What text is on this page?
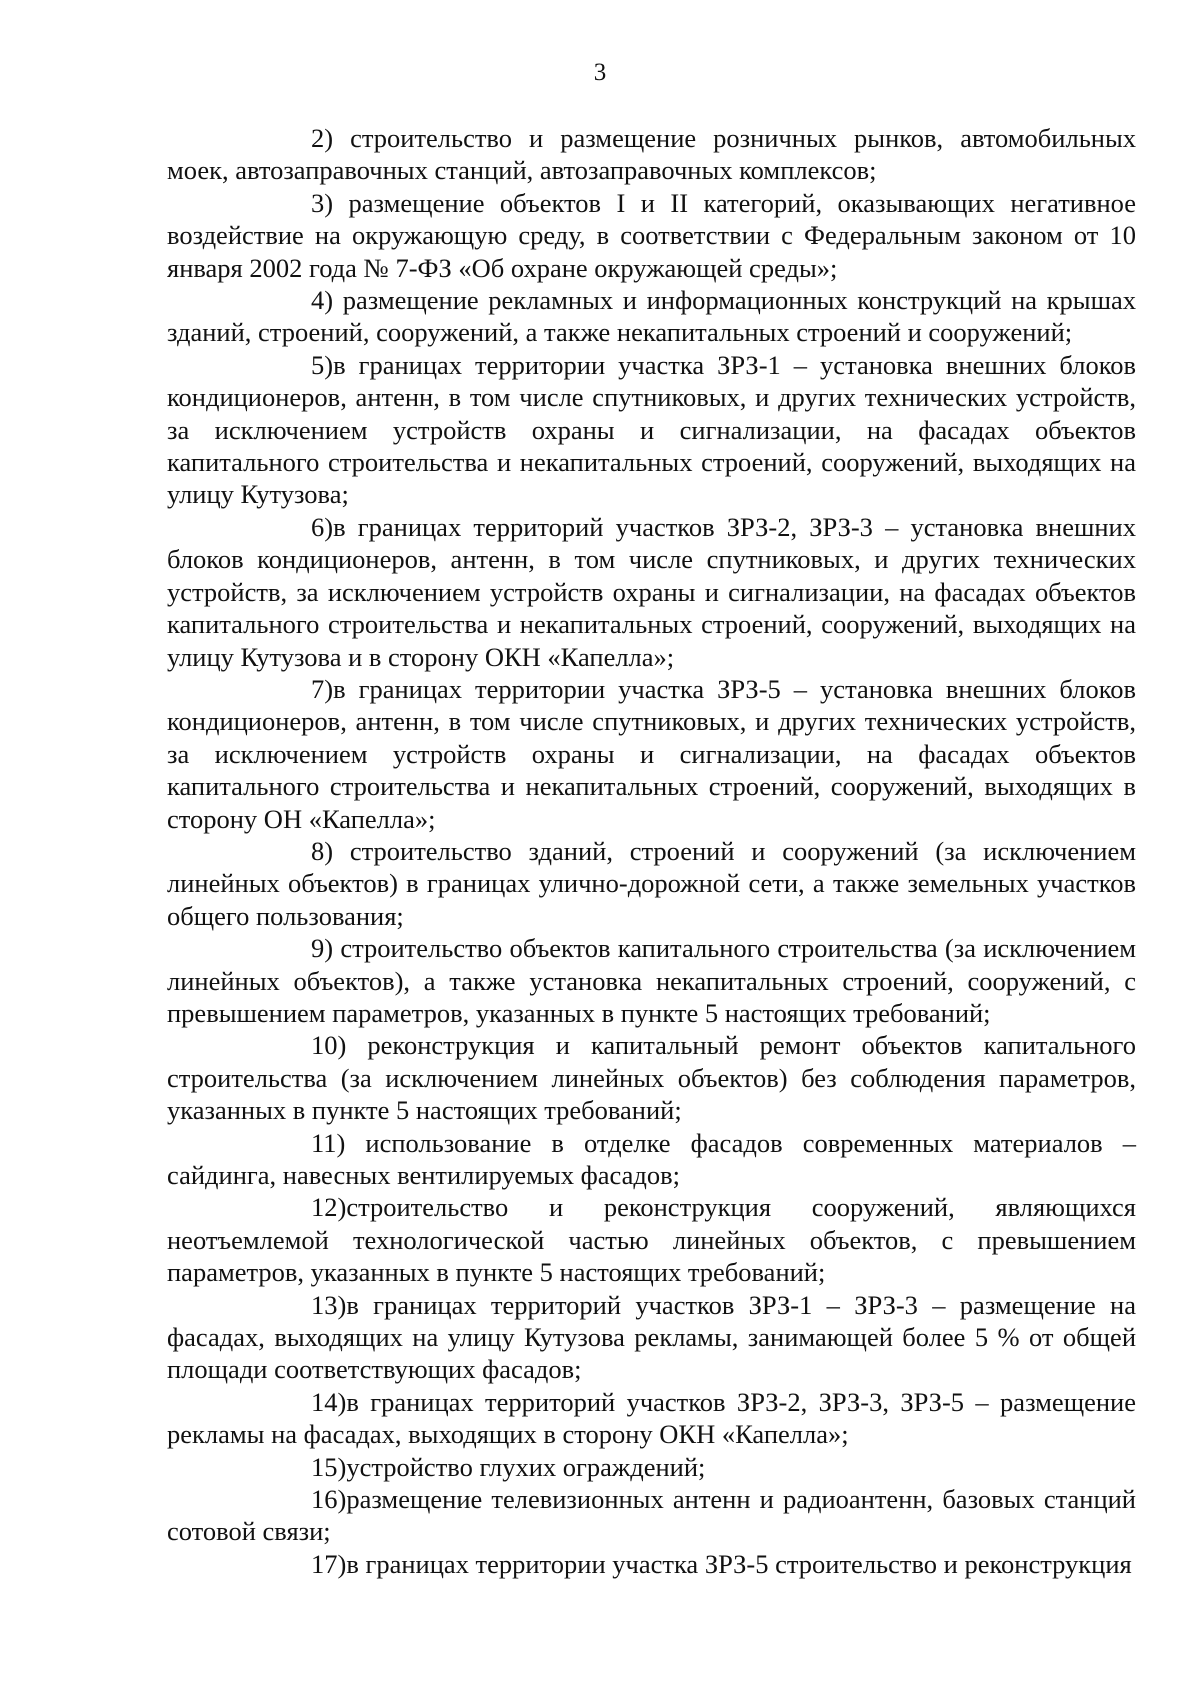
3

2) строительство и размещение розничных рынков, автомобильных моек, автозаправочных станций, автозаправочных комплексов;

3) размещение объектов I и II категорий, оказывающих негативное воздействие на окружающую среду, в соответствии с Федеральным законом от 10 января 2002 года № 7-ФЗ «Об охране окружающей среды»;

4) размещение рекламных и информационных конструкций на крышах зданий, строений, сооружений, а также некапитальных строений и сооружений;

5)в границах территории участка ЗРЗ-1 – установка внешних блоков кондиционеров, антенн, в том числе спутниковых, и других технических устройств, за исключением устройств охраны и сигнализации, на фасадах объектов капитального строительства и некапитальных строений, сооружений, выходящих на улицу Кутузова;

6)в границах территорий участков ЗРЗ-2, ЗРЗ-3 – установка внешних блоков кондиционеров, антенн, в том числе спутниковых, и других технических устройств, за исключением устройств охраны и сигнализации, на фасадах объектов капитального строительства и некапитальных строений, сооружений, выходящих на улицу Кутузова и в сторону ОКН «Капелла»;

7)в границах территории участка ЗРЗ-5 – установка внешних блоков кондиционеров, антенн, в том числе спутниковых, и других технических устройств, за исключением устройств охраны и сигнализации, на фасадах объектов капитального строительства и некапитальных строений, сооружений, выходящих в сторону ОН «Капелла»;

8) строительство зданий, строений и сооружений (за исключением линейных объектов) в границах улично-дорожной сети, а также земельных участков общего пользования;

9) строительство объектов капитального строительства (за исключением линейных объектов), а также установка некапитальных строений, сооружений, с превышением параметров, указанных в пункте 5 настоящих требований;

10) реконструкция и капитальный ремонт объектов капитального строительства (за исключением линейных объектов) без соблюдения параметров, указанных в пункте 5 настоящих требований;

11) использование в отделке фасадов современных материалов – сайдинга, навесных вентилируемых фасадов;

12)строительство и реконструкция сооружений, являющихся неотъемлемой технологической частью линейных объектов, с превышением параметров, указанных в пункте 5 настоящих требований;

13)в границах территорий участков ЗРЗ-1 – ЗРЗ-3 – размещение на фасадах, выходящих на улицу Кутузова рекламы, занимающей более 5 % от общей площади соответствующих фасадов;

14)в границах территорий участков ЗРЗ-2, ЗРЗ-3, ЗРЗ-5 – размещение рекламы на фасадах, выходящих в сторону ОКН «Капелла»;

15)устройство глухих ограждений;

16)размещение телевизионных антенн и радиоантенн, базовых станций сотовой связи;

17)в границах территории участка ЗРЗ-5 строительство и реконструкция
